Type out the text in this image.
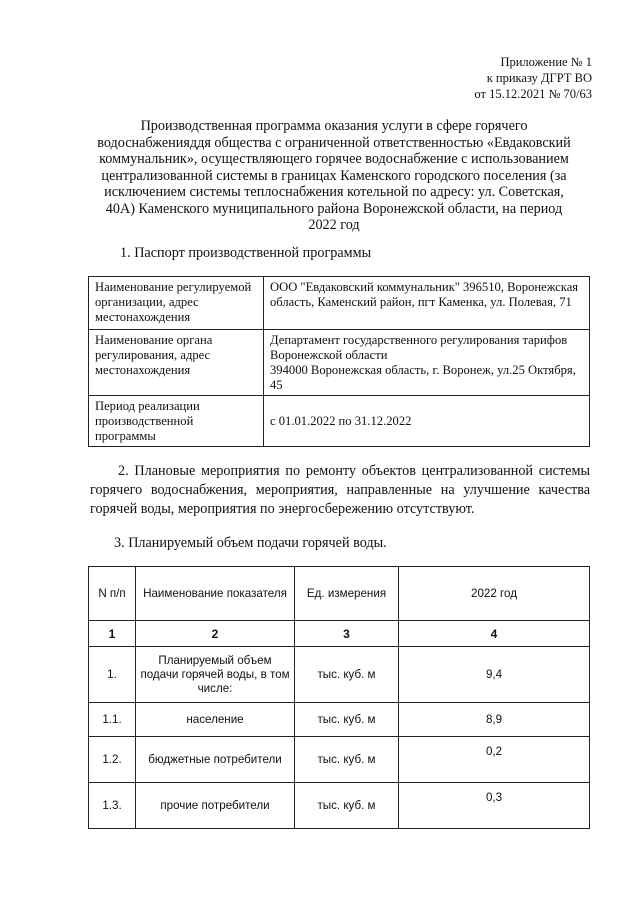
Приложение № 1
к приказу ДГРТ ВО
от 15.12.2021 № 70/63
Производственная программа оказания услуги в сфере горячего
водоснабженияддя общества с ограниченной ответственностью «Евдаковский
коммунальник», осуществляющего горячее водоснабжение с использованием
централизованной системы в границах Каменского городского поселения (за
исключением системы теплоснабжения котельной по адресу: ул. Советская,
40А) Каменского муниципального района Воронежской области, на период
2022 год
1. Паспорт производственной программы
Наименование регулируемой организации, адрес местонахождения	ООО "Евдаковский коммунальник" 396510, Воронежская область, Каменский район, пгт Каменка, ул. Полевая, 71
Наименование органа регулирования, адрес местонахождения	Департамент государственного регулирования тарифов Воронежской области
394000 Воронежская область, г. Воронеж, ул.25 Октября, 45

Период реализации производственной программы	с 01.01.2022 по 31.12.2022
2. Плановые мероприятия по ремонту объектов централизованной системы горячего водоснабжения, мероприятия, направленные на улучшение качества горячей воды, мероприятия по энергосбережению отсутствуют.
3. Планируемый объем подачи горячей воды.
N п/п	Наименование показателя	Ед. измерения	2022 год
1	2	3	4
1.	Планируемый объем подачи горячей воды, в том числе:	тыс. куб. м	9,4
1.1.	население	тыс. куб. м	8,9
1.2.	бюджетные потребители	тыс. куб. м	0,2
1.3.	прочие потребители	тыс. куб. м	0,3
